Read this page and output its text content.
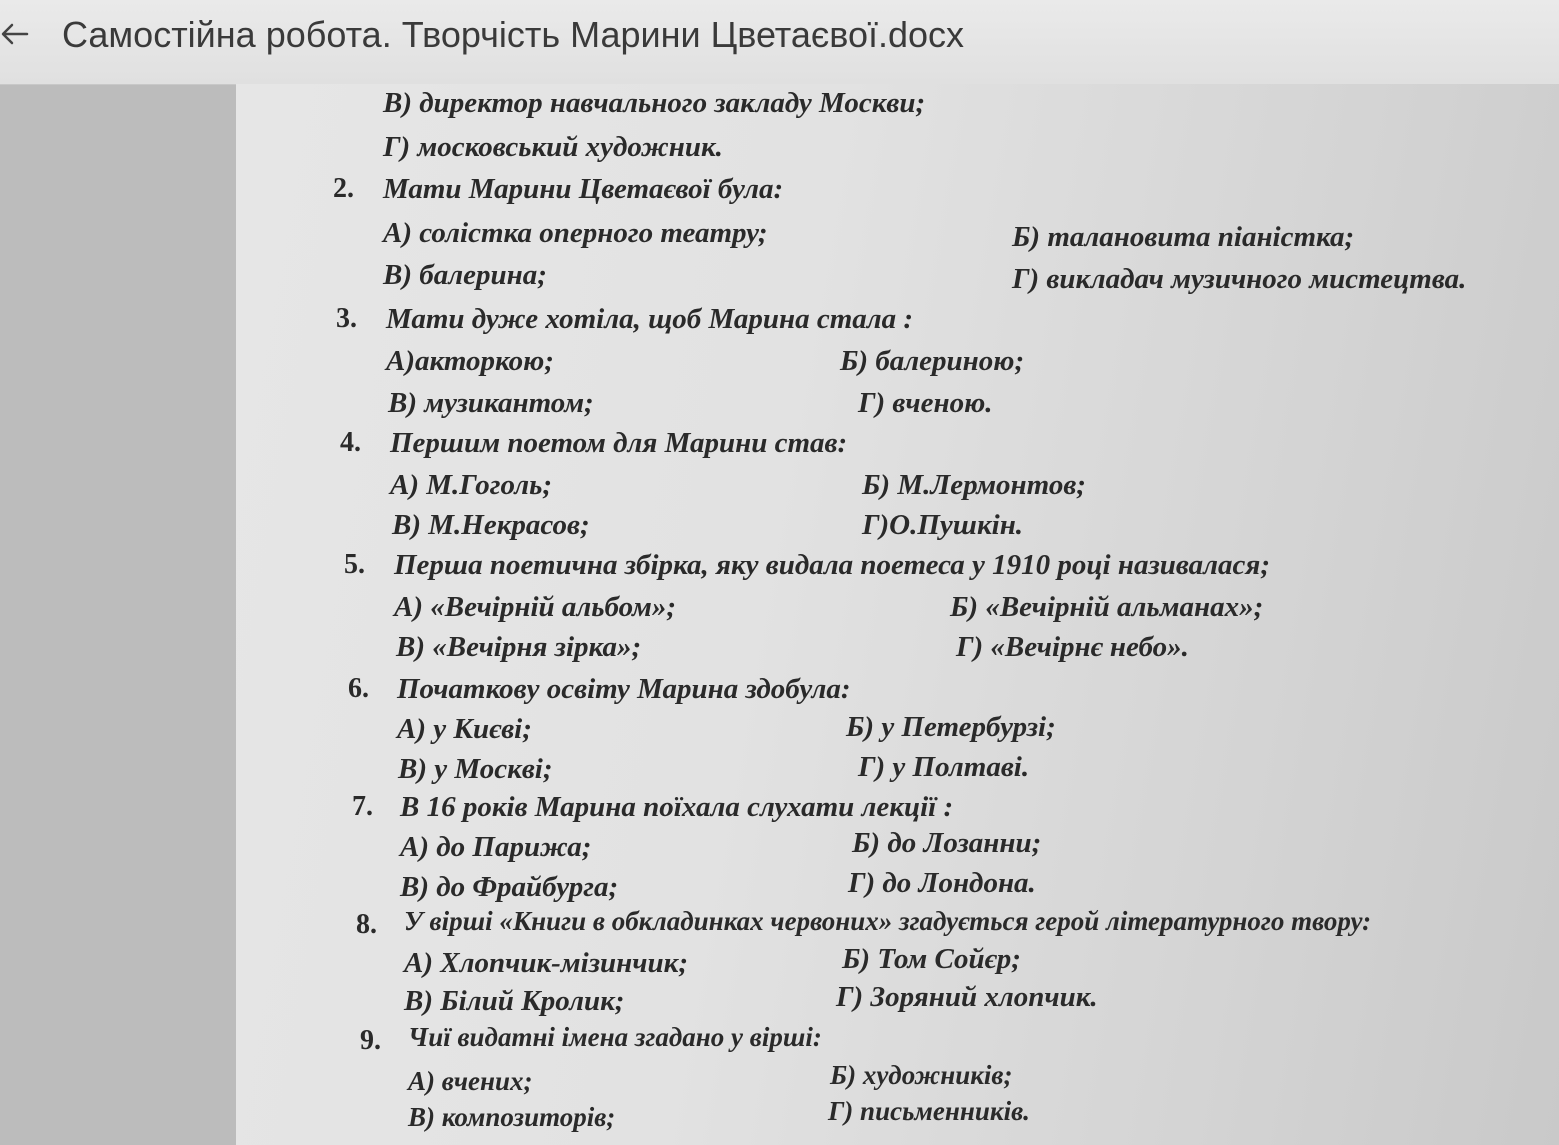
Самостійна робота. Творчість Марини Цветаєвої.docx
В) директор навчального закладу Москви;
Г) московський художник.
2. Мати Марини Цветаєвої була:
А) солістка оперного театру;	Б) талановита піаністка;
В) балерина;	Г) викладач музичного мистецтва.
3. Мати дуже хотіла, щоб Марина стала :
А)акторкою;	Б) балериною;
В) музикантом;	Г) вченою.
4. Першим поетом для Марини став:
А) М.Гоголь;	Б) М.Лермонтов;
В) М.Некрасов;	Г)О.Пушкін.
5. Перша поетична збірка, яку видала поетеса у 1910 році називалася;
А) «Вечірній альбом»;	Б) «Вечірній альманах»;
В) «Вечірня зірка»;	Г) «Вечірнє небо».
6. Початкову освіту Марина здобула:
А) у Києві;	Б) у Петербурзі;
В) у Москві;	Г) у Полтаві.
7. В 16 років Марина поїхала слухати лекції :
А) до Парижа;	Б) до Лозанни;
В) до Фрайбурга;	Г) до Лондона.
8. У вірші «Книги в обкладинках червоних» згадується герой літературного твору:
А) Хлопчик-мізинчик;	Б) Том Сойєр;
В) Білий Кролик;	Г) Зоряний хлопчик.
9. Чиї видатні імена згадано у вірші:
А) вчених;	Б) художників;
В) композиторів;	Г) письменників.
